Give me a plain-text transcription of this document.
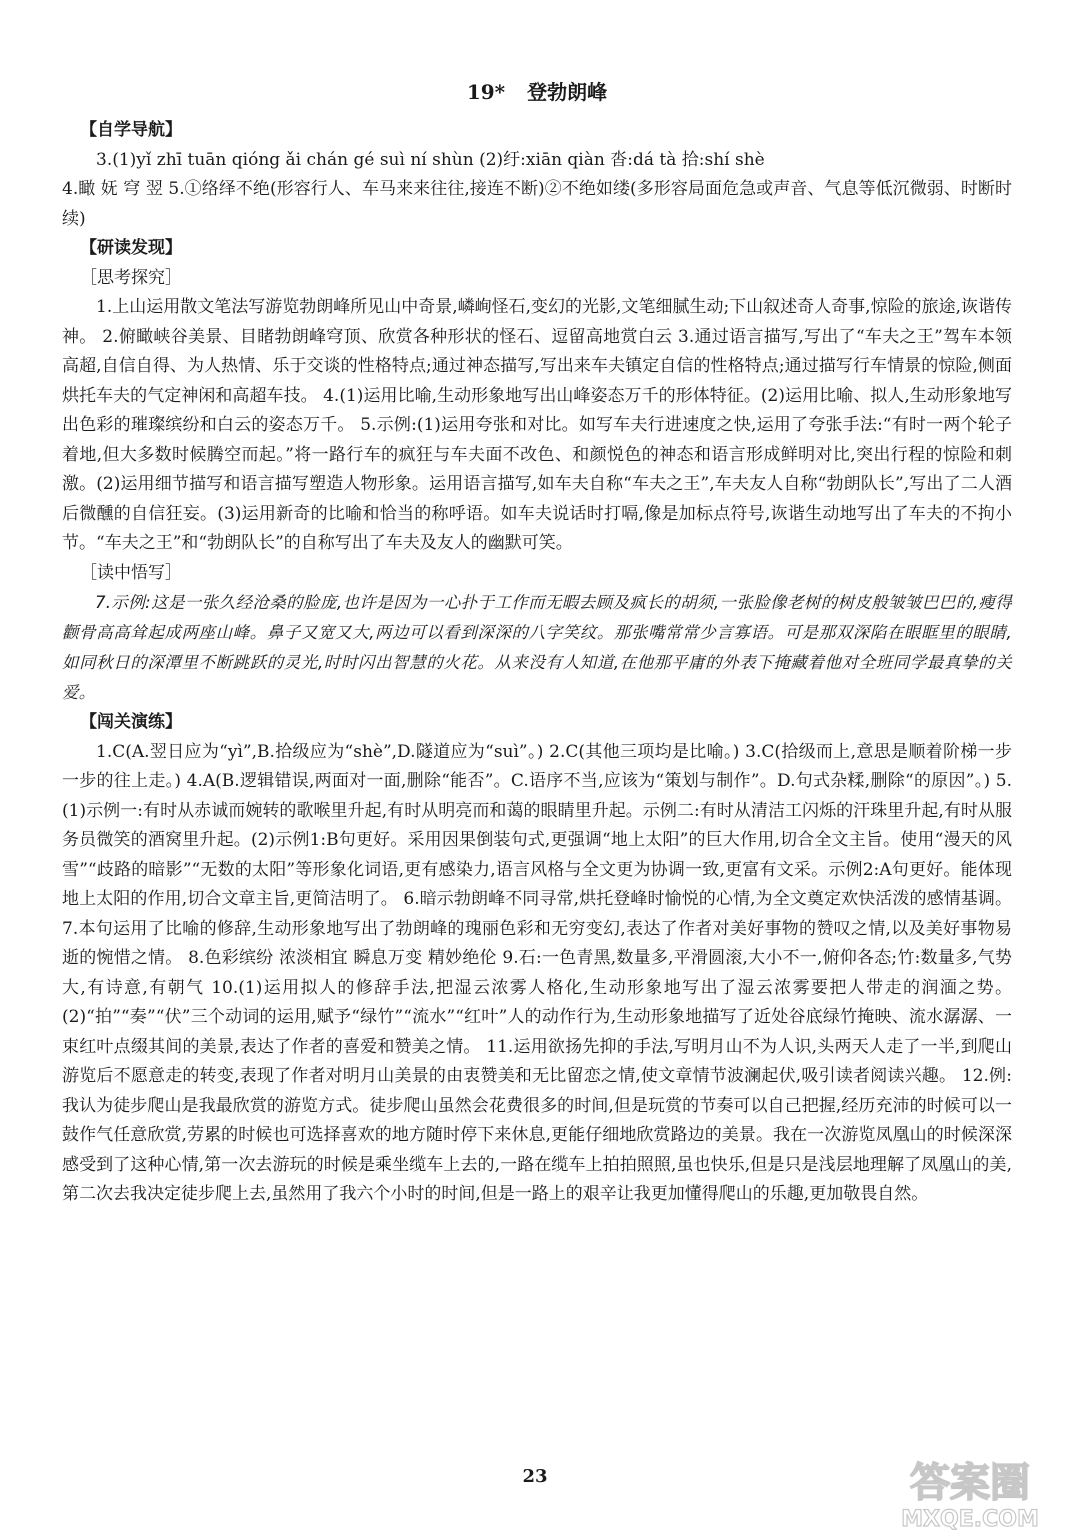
19* 登勃朗峰
【自学导航】
3.(1)yǐ zhī tuān qióng ǎi chán gé suì ní shùn (2)纡:xiān qiàn 沓:dá tà 拾:shí shè
4.瞰 妩 穹 翌 5.①络绎不绝(形容行人、车马来来往往,接连不断)②不绝如缕(多形容局面危急或声音、气息等低沉微弱、时断时续)
【研读发现】
［思考探究］
1.上山运用散文笔法写游览勃朗峰所见山中奇景,嶙峋怪石,变幻的光影,文笔细腻生动;下山叙述奇人奇事,惊险的旅途,诙谐传神。 2.俯瞰峡谷美景、目睹勃朗峰穹顶、欣赏各种形状的怪石、逗留高地赏白云 3.通过语言描写,写出了“车夫之王”驾车本领高超,自信自得、为人热情、乐于交谈的性格特点;通过神态描写,写出来车夫镇定自信的性格特点;通过描写行车情景的惊险,侧面烘托车夫的气定神闲和高超车技。 4.(1)运用比喻,生动形象地写出山峰姿态万千的形体特征。(2)运用比喻、拟人,生动形象地写出色彩的璀璨缤纷和白云的姿态万千。 5.示例:(1)运用夸张和对比。如写车夫行进速度之快,运用了夸张手法:“有时一两个轮子着地,但大多数时候腾空而起。”将一路行车的疯狂与车夫面不改色、和颜悦色的神态和语言形成鲜明对比,突出行程的惊险和刺激。(2)运用细节描写和语言描写塑造人物形象。运用语言描写,如车夫自称“车夫之王”,车夫友人自称“勃朗队长”,写出了二人酒后微醺的自信狂妄。(3)运用新奇的比喻和恰当的称呼语。如车夫说话时打嗝,像是加标点符号,诙谐生动地写出了车夫的不拘小节。“车夫之王”和“勃朗队长”的自称写出了车夫及友人的幽默可笑。
［读中悟写］
7.示例:这是一张久经沧桑的脸庞,也许是因为一心扑于工作而无暇去顾及疯长的胡须,一张脸像老树的树皮般皱皱巴巴的,瘦得颧骨高高耸起成两座山峰。鼻子又宽又大,两边可以看到深深的八字笑纹。那张嘴常常少言寡语。可是那双深陷在眼眶里的眼睛,如同秋日的深潭里不断跳跃的灵光,时时闪出智慧的火花。从来没有人知道,在他那平庸的外表下掩藏着他对全班同学最真挚的关爱。
【闯关演练】
1.C(A.翌日应为“yì”,B.拾级应为“shè”,D.隧道应为“suì”。) 2.C(其他三项均是比喻。) 3.C(拾级而上,意思是顺着阶梯一步一步的往上走。) 4.A(B.逻辑错误,两面对一面,删除“能否”。C.语序不当,应该为“策划与制作”。D.句式杂糅,删除“的原因”。) 5.(1)示例一:有时从赤诚而婉转的歌喉里升起,有时从明亮而和蔼的眼睛里升起。示例二:有时从清洁工闪烁的汗珠里升起,有时从服务员微笑的酒窝里升起。(2)示例1:B句更好。采用因果倒装句式,更强调“地上太阳”的巨大作用,切合全文主旨。使用“漫天的风雪”“歧路的暗影”“无数的太阳”等形象化词语,更有感染力,语言风格与全文更为协调一致,更富有文采。示例2:A句更好。能体现地上太阳的作用,切合文章主旨,更简洁明了。 6.暗示勃朗峰不同寻常,烘托登峰时愉悦的心情,为全文奠定欢快活泼的感情基调。 7.本句运用了比喻的修辞,生动形象地写出了勃朗峰的瑰丽色彩和无穷变幻,表达了作者对美好事物的赞叹之情,以及美好事物易逝的惋惜之情。 8.色彩缤纷 浓淡相宜 瞬息万变 精妙绝伦 9.石:一色青黑,数量多,平滑圆滚,大小不一,俯仰各态;竹:数量多,气势大,有诗意,有朝气 10.(1)运用拟人的修辞手法,把湿云浓雾人格化,生动形象地写出了湿云浓雾要把人带走的润湎之势。(2)“拍”“奏”“伏”三个动词的运用,赋予“绿竹”“流水”“红叶”人的动作行为,生动形象地描写了近处谷底绿竹掩映、流水潺潺、一束红叶点缀其间的美景,表达了作者的喜爱和赞美之情。 11.运用欲扬先抑的手法,写明月山不为人识,头两天人走了一半,到爬山游览后不愿意走的转变,表现了作者对明月山美景的由衷赞美和无比留恋之情,使文章情节波澜起伏,吸引读者阅读兴趣。 12.例:我认为徒步爬山是我最欣赏的游览方式。徒步爬山虽然会花费很多的时间,但是玩赏的节奏可以自己把握,经历充沛的时候可以一鼓作气任意欣赏,劳累的时候也可选择喜欢的地方随时停下来休息,更能仔细地欣赏路边的美景。我在一次游览凤凰山的时候深深感受到了这种心情,第一次去游玩的时候是乘坐缆车上去的,一路在缆车上拍拍照照,虽也快乐,但是只是浅层地理解了凤凰山的美,第二次去我决定徒步爬上去,虽然用了我六个小时的时间,但是一路上的艰辛让我更加懂得爬山的乐趣,更加敬畏自然。
23	答案圈
MXQE.COM
